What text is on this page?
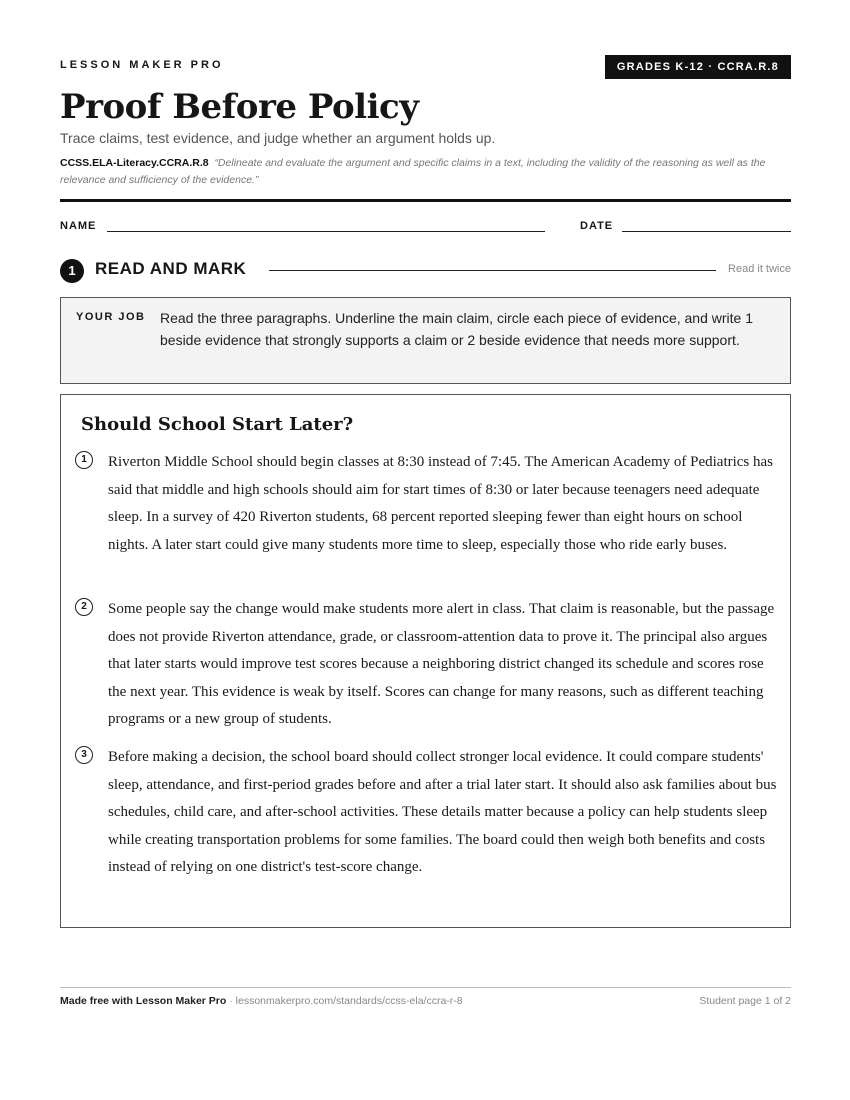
LESSON MAKER PRO	GRADES K-12 · CCRA.R.8
Proof Before Policy
Trace claims, test evidence, and judge whether an argument holds up.
CCSS.ELA-Literacy.CCRA.R.8 “Delineate and evaluate the argument and specific claims in a text, including the validity of the reasoning as well as the relevance and sufficiency of the evidence.”
NAME	DATE
1	READ AND MARK	Read it twice
YOUR JOB Read the three paragraphs. Underline the main claim, circle each piece of evidence, and write 1 beside evidence that strongly supports a claim or 2 beside evidence that needs more support.
Should School Start Later?
1	Riverton Middle School should begin classes at 8:30 instead of 7:45. The American Academy of Pediatrics has said that middle and high schools should aim for start times of 8:30 or later because teenagers need adequate sleep. In a survey of 420 Riverton students, 68 percent reported sleeping fewer than eight hours on school nights. A later start could give many students more time to sleep, especially those who ride early buses.
2	Some people say the change would make students more alert in class. That claim is reasonable, but the passage does not provide Riverton attendance, grade, or classroom-attention data to prove it. The principal also argues that later starts would improve test scores because a neighboring district changed its schedule and scores rose the next year. This evidence is weak by itself. Scores can change for many reasons, such as different teaching programs or a new group of students.
3	Before making a decision, the school board should collect stronger local evidence. It could compare students' sleep, attendance, and first-period grades before and after a trial later start. It should also ask families about bus schedules, child care, and after-school activities. These details matter because a policy can help students sleep while creating transportation problems for some families. The board could then weigh both benefits and costs instead of relying on one district's test-score change.
Made free with Lesson Maker Pro · lessonmakerpro.com/standards/ccss-ela/ccra-r-8	Student page 1 of 2
